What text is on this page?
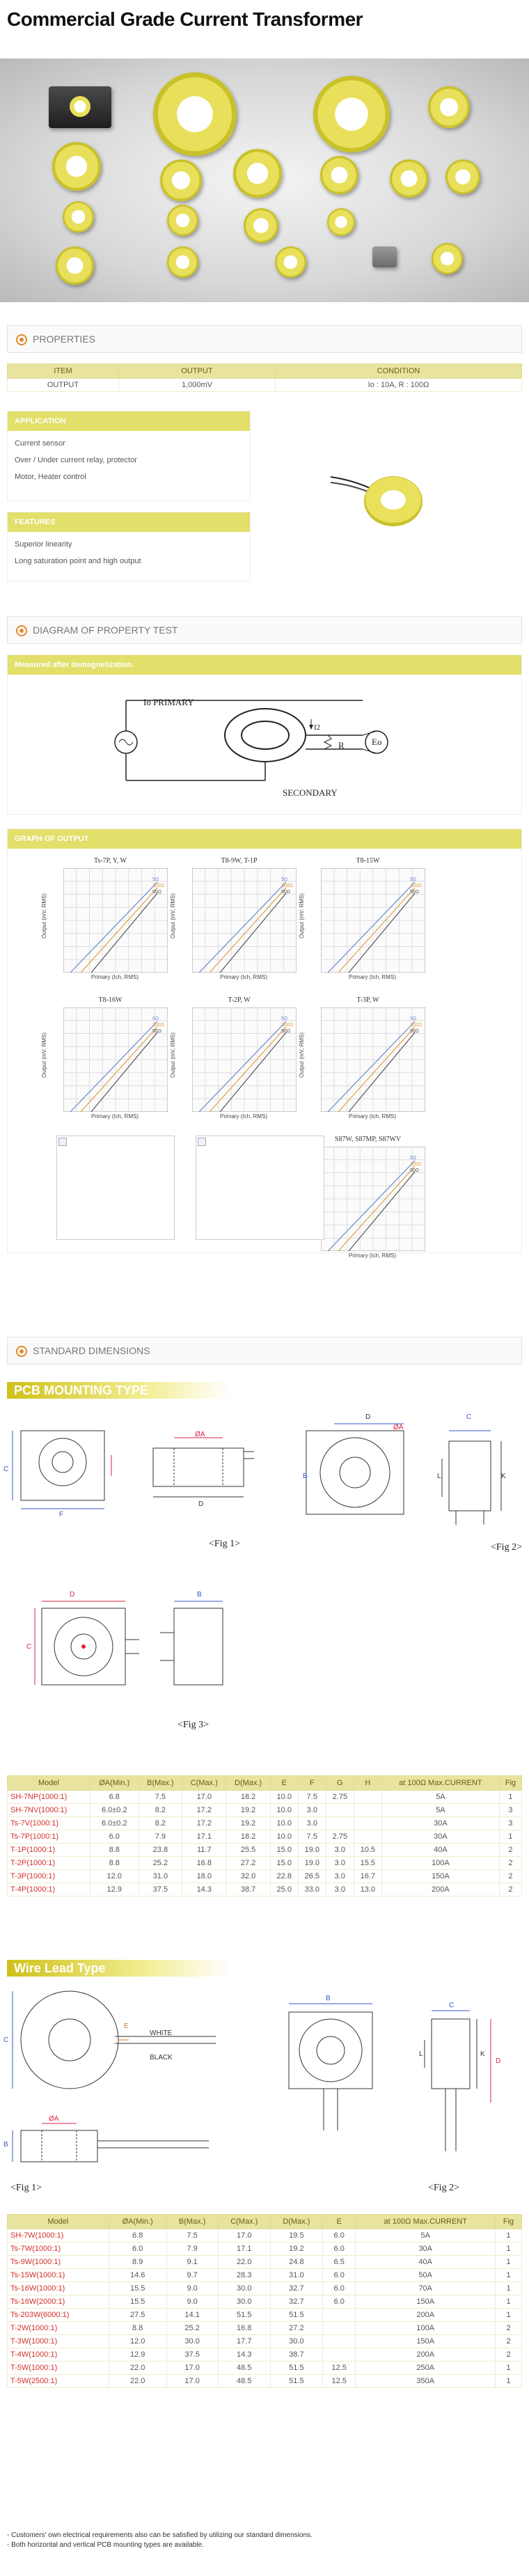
Commercial Grade Current Transformer
PROPERTIES
ITEM	OUTPUT	CONDITION
OUTPUT	1,000mV	Io : 10A, R : 100Ω
APPLICATION
Current sensor
Over / Under current relay, protector
Motor, Heater control
FEATURES
Superior linearity
Long saturation point and high output
DIAGRAM OF PROPERTY TEST
Measured after demagnetization.
Io PRIMARY
SECONDARY
I2
R	Eo
GRAPH OF OUTPUT
Ts-7P, Y, W
Output (mV, RMS)
Primary (Ich, RMS)
5Ω
100Ω
50Ω
T8-9W, T-1P
Output (mV, RMS)
Primary (Ich, RMS)
5Ω
100Ω
50Ω
T8-15W
Output (mV, RMS)
Primary (Ich, RMS)
5Ω
100Ω
50Ω
T8-16W
Output (mV, RMS)
Primary (Ich, RMS)
5Ω
100Ω
50Ω
T-2P, W
Output (mV, RMS)
Primary (Ich, RMS)
5Ω
100Ω
50Ω
T-3P, W
Output (mV, RMS)
Primary (Ich, RMS)
5Ω
100Ω
50Ω
S87W, S87MP, S87WV
Primary (Ich, RMS)
5Ω
100Ω
50Ω
STANDARD DIMENSIONS
PCB MOUNTING TYPE
C
F
ØA
D
<Fig 1>
D
ØA
B
C
L	K
<Fig 2>
D	B
C
<Fig 3>
Model	ØA(Min.)	B(Max.)	C(Max.)	D(Max.)	E	F	G	H	at 100Ω Max.CURRENT	Fig
SH-7NP(1000:1)	6.8	7.5	17.0	18.2	10.0	7.5	2.75		5A	1
SH-7NV(1000:1)	6.0±0.2	8.2	17.2	19.2	10.0	3.0			5A	3
Ts-7V(1000:1)	6.0±0.2	8.2	17.2	19.2	10.0	3.0			30A	3
Ts-7P(1000:1)	6.0	7.9	17.1	18.2	10.0	7.5	2.75		30A	1
T-1P(1000:1)	8.8	23.8	11.7	25.5	15.0	19.0	3.0	10.5	40A	2
T-2P(1000:1)	8.8	25.2	16.8	27.2	15.0	19.0	3.0	15.5	100A	2
T-3P(1000:1)	12.0	31.0	18.0	32.0	22.8	26.5	3.0	16.7	150A	2
T-4P(1000:1)	12.9	37.5	14.3	38.7	25.0	33.0	3.0	13.0	200A	2
Wire Lead Type
C
E
WHITE
BLACK
ØA
B
<Fig 1>
B
C
L	K
D
<Fig 2>
Model	ØA(Min.)	B(Max.)	C(Max.)	D(Max.)	E	at 100Ω Max.CURRENT	Fig
SH-7W(1000:1)	6.8	7.5	17.0	19.5	6.0	5A	1
Ts-7W(1000:1)	6.0	7.9	17.1	19.2	6.0	30A	1
Ts-9W(1000:1)	8.9	9.1	22.0	24.8	6.5	40A	1
Ts-15W(1000:1)	14.6	9.7	28.3	31.0	6.0	50A	1
Ts-16W(1000:1)	15.5	9.0	30.0	32.7	6.0	70A	1
Ts-16W(2000:1)	15.5	9.0	30.0	32.7	6.0	150A	1
Ts-203W(6000:1)	27.5	14.1	51.5	51.5		200A	1
T-2W(1000:1)	8.8	25.2	16.8	27.2		100A	2
T-3W(1000:1)	12.0	30.0	17.7	30.0		150A	2
T-4W(1000:1)	12.9	37.5	14.3	38.7		200A	2
T-5W(1000:1)	22.0	17.0	48.5	51.5	12.5	250A	1
T-5W(2500:1)	22.0	17.0	48.5	51.5	12.5	350A	1
- Customers' own electrical requirements also can be satisfied by utilizing our standard dimensions.
- Both horizontal and vertical PCB mounting types are available.
